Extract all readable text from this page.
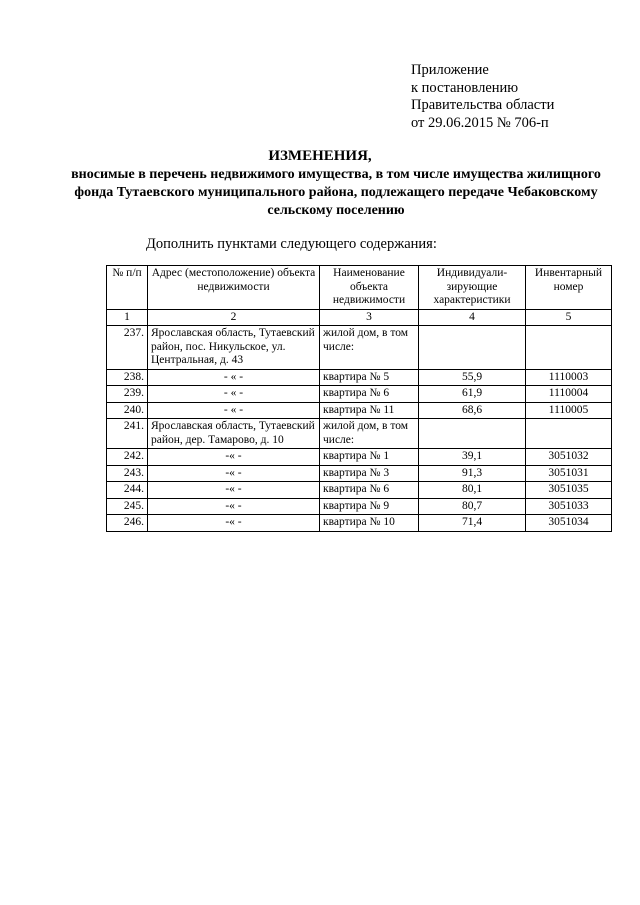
Приложение
к постановлению
Правительства области
от 29.06.2015 № 706-п
ИЗМЕНЕНИЯ,
вносимые в перечень недвижимого имущества, в том числе имущества жилищного фонда Тутаевского муниципального района, подлежащего передаче Чебаковскому сельскому поселению
Дополнить пунктами следующего содержания:
№ п/п	Адрес (местоположение) объекта недвижимости	Наименование объекта недвижимости	Индивидуали- зирующие характеристики	Инвентарный номер
1	2	3	4	5
237.	Ярославская область, Тутаевский район, пос. Никульское, ул. Центральная, д. 43	жилой дом, в том числе:		
238.	- « -	квартира № 5	55,9	1110003
239.	- « -	квартира № 6	61,9	1110004
240.	- « -	квартира № 11	68,6	1110005
241.	Ярославская область, Тутаевский район, дер. Тамарово, д. 10	жилой дом, в том числе:		
242.	-« -	квартира № 1	39,1	3051032
243.	-« -	квартира № 3	91,3	3051031
244.	-« -	квартира № 6	80,1	3051035
245.	-« -	квартира № 9	80,7	3051033
246.	-« -	квартира № 10	71,4	3051034
